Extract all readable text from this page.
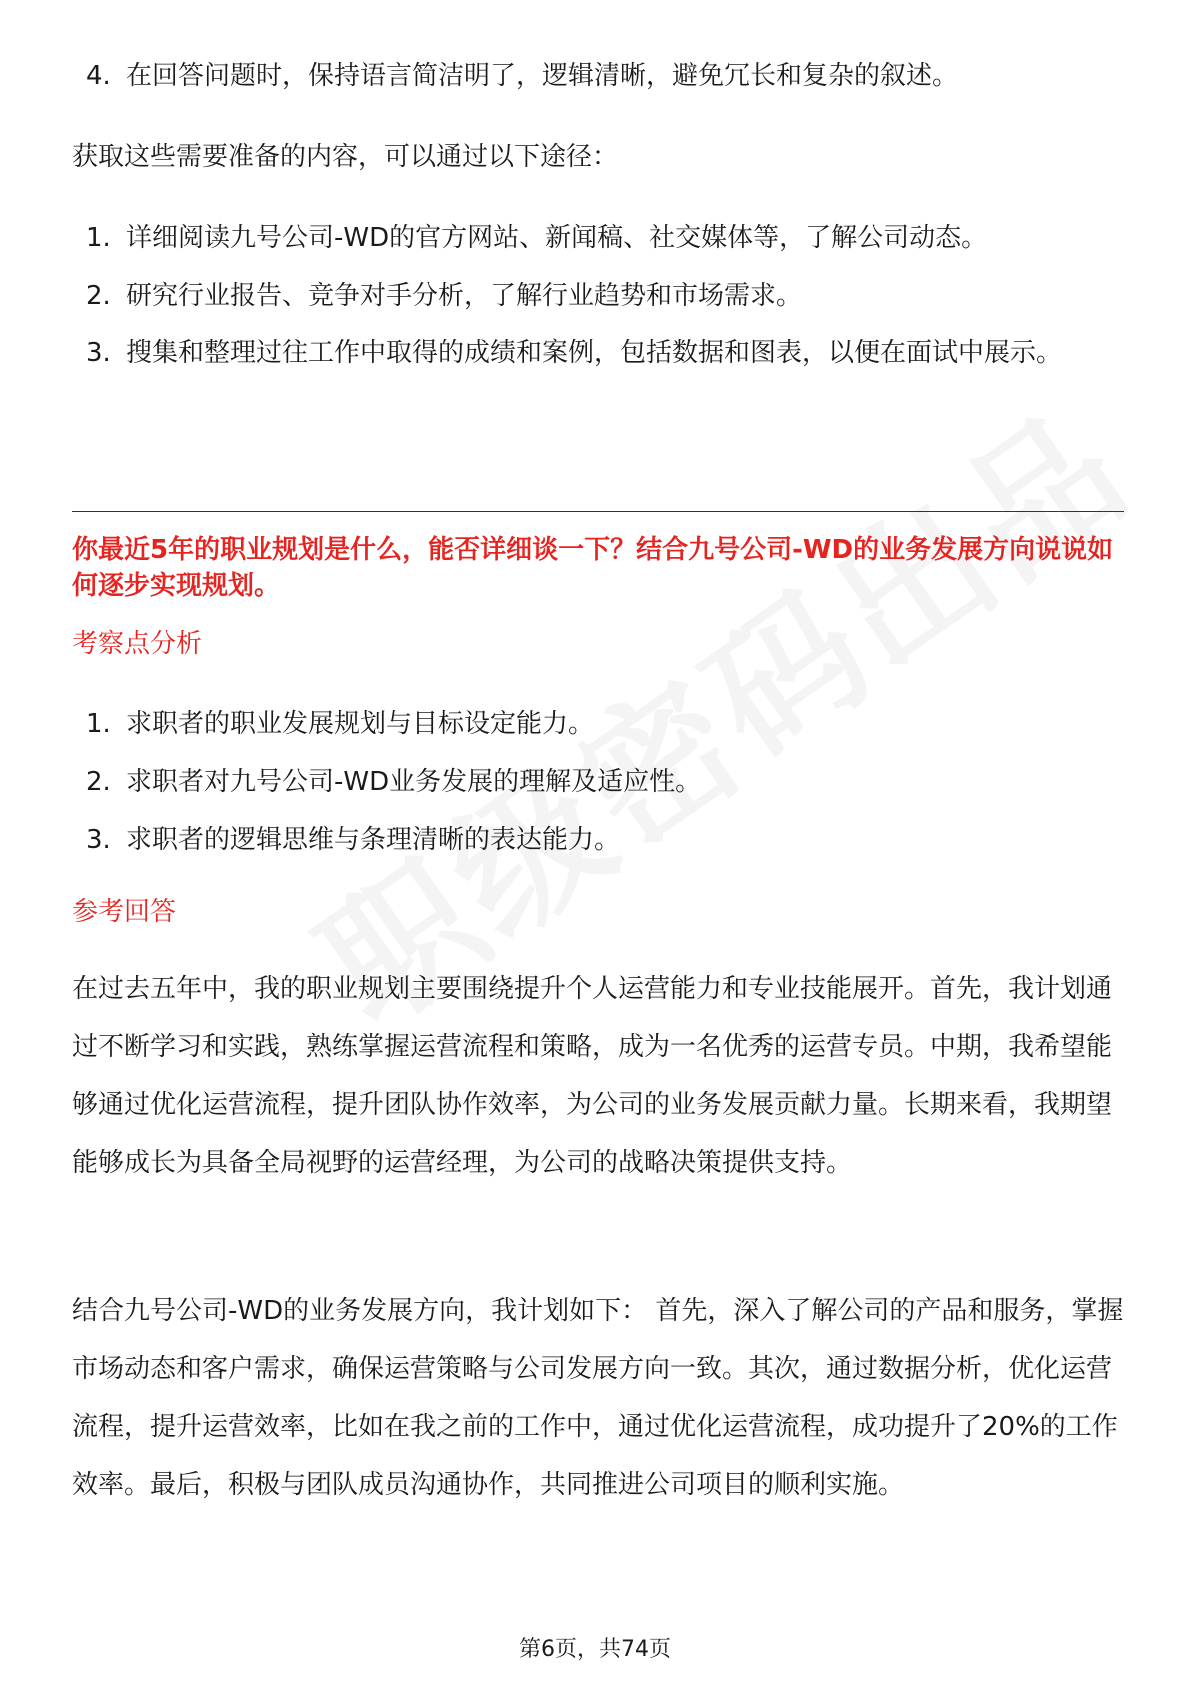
4. 在回答问题时，保持语言简洁明了，逻辑清晰，避免冗长和复杂的叙述。

获取这些需要准备的内容，可以通过以下途径：

1. 详细阅读九号公司-WD的官方网站、新闻稿、社交媒体等，了解公司动态。
2. 研究行业报告、竞争对手分析，了解行业趋势和市场需求。
3. 搜集和整理过往工作中取得的成绩和案例，包括数据和图表，以便在面试中展示。

你最近5年的职业规划是什么，能否详细谈一下？结合九号公司-WD的业务发展方向说说如何逐步实现规划。

考察点分析

1. 求职者的职业发展规划与目标设定能力。
2. 求职者对九号公司-WD业务发展的理解及适应性。
3. 求职者的逻辑思维与条理清晰的表达能力。

参考回答

在过去五年中，我的职业规划主要围绕提升个人运营能力和专业技能展开。首先，我计划通过不断学习和实践，熟练掌握运营流程和策略，成为一名优秀的运营专员。中期，我希望能够通过优化运营流程，提升团队协作效率，为公司的业务发展贡献力量。长期来看，我期望能够成长为具备全局视野的运营经理，为公司的战略决策提供支持。

结合九号公司-WD的业务发展方向，我计划如下： 首先，深入了解公司的产品和服务，掌握市场动态和客户需求，确保运营策略与公司发展方向一致。其次，通过数据分析，优化运营流程，提升运营效率，比如在我之前的工作中，通过优化运营流程，成功提升了20%的工作效率。最后，积极与团队成员沟通协作，共同推进公司项目的顺利实施。

第6页，共74页
